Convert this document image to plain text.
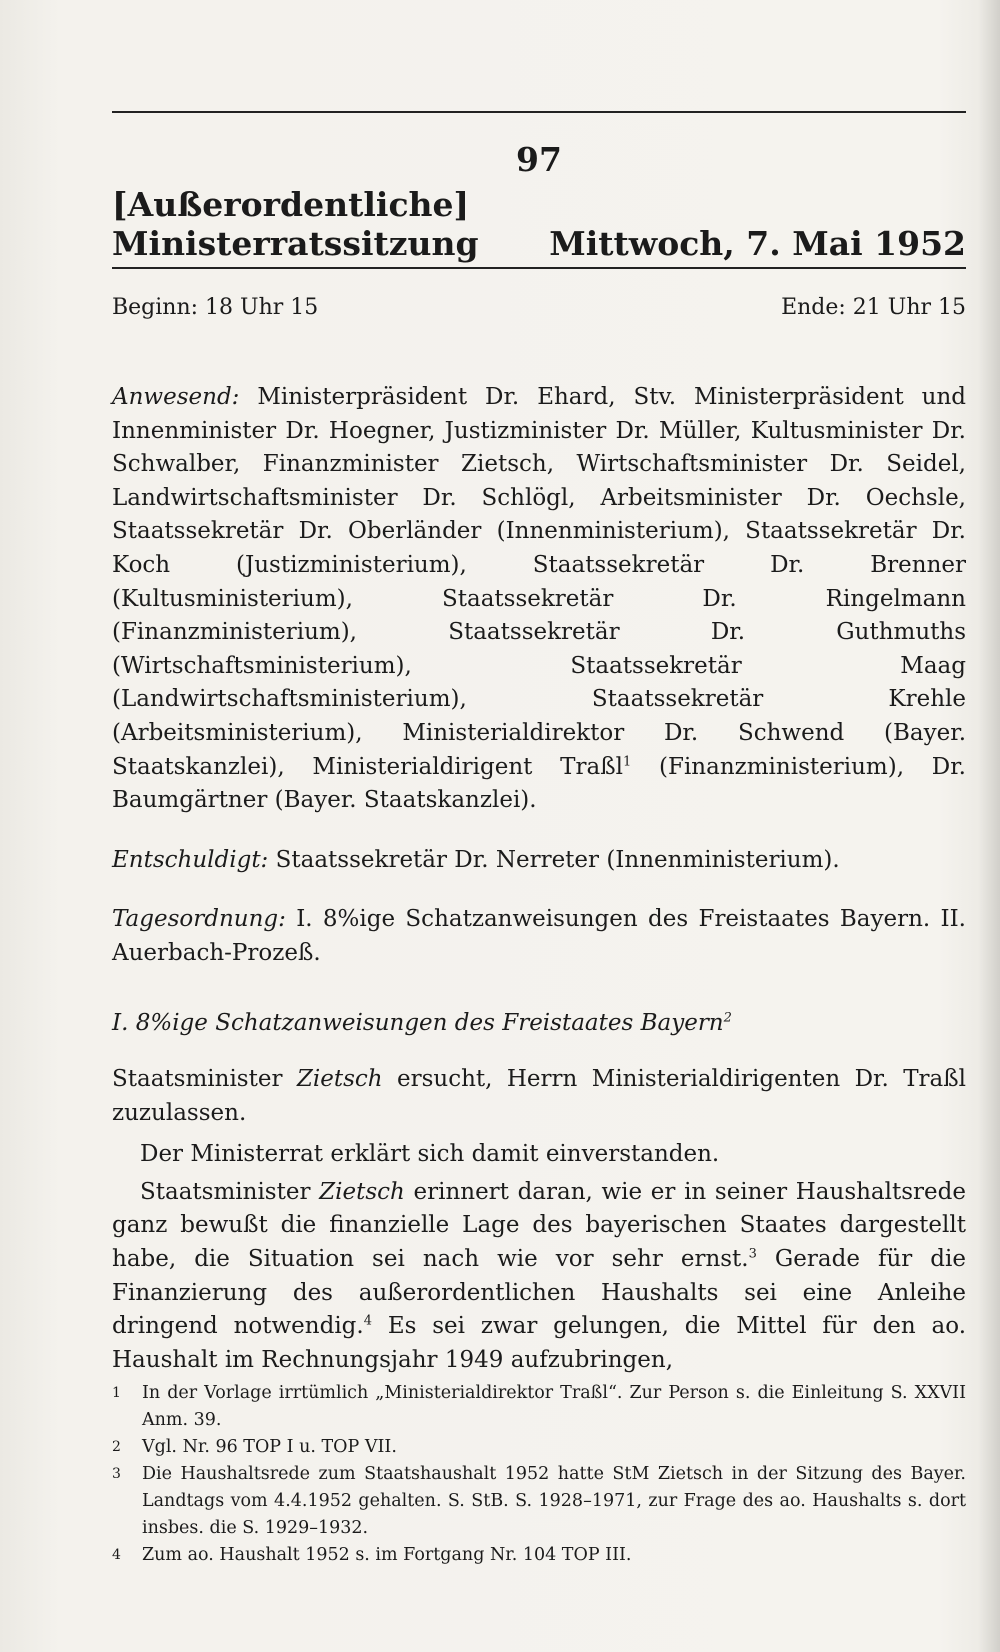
97

[Außerordentliche]

Ministerratssitzung Mittwoch, 7. Mai 1952
Beginn: 18 Uhr 15	Ende: 21 Uhr 15

Anwesend: Ministerpräsident Dr. Ehard, Stv. Ministerpräsident und Innenminister Dr. Hoegner, Justizminister Dr. Müller, Kultusminister Dr. Schwalber, Finanzminister Zietsch, Wirtschaftsminister Dr. Seidel, Landwirtschaftsminister Dr. Schlögl, Arbeitsminister Dr. Oechsle, Staatssekretär Dr. Oberländer (Innenministerium), Staatssekretär Dr. Koch (Justizministerium), Staatssekretär Dr. Brenner (Kultusministerium), Staatssekretär Dr. Ringelmann (Finanzministerium), Staatssekretär Dr. Guthmuths (Wirtschaftsministerium), Staatssekretär Maag (Landwirtschaftsministerium), Staatssekretär Krehle (Arbeitsministerium), Ministerialdirektor Dr. Schwend (Bayer. Staatskanzlei), Ministerialdirigent Traßl$^1$ (Finanzministerium), Dr. Baumgärtner (Bayer. Staatskanzlei).

Entschuldigt: Staatssekretär Dr. Nerreter (Innenministerium).

Tagesordnung: I. 8%ige Schatzanweisungen des Freistaates Bayern. II. Auerbach-Prozeß.

I. 8%ige Schatzanweisungen des Freistaates Bayern$^2$

Staatsminister Zietsch ersucht, Herrn Ministerialdirigenten Dr. Traßl zuzulassen.

Der Ministerrat erklärt sich damit einverstanden.

Staatsminister Zietsch erinnert daran, wie er in seiner Haushaltsrede ganz bewußt die finanzielle Lage des bayerischen Staates dargestellt habe, die Situation sei nach wie vor sehr ernst.$^3$ Gerade für die Finanzierung des außerordentlichen Haushalts sei eine Anleihe dringend notwendig.$^4$ Es sei zwar gelungen, die Mittel für den ao. Haushalt im Rechnungsjahr 1949 aufzubringen,

1	In der Vorlage irrtümlich „Ministerialdirektor Traßl“. Zur Person s. die Einleitung S. XXVII Anm. 39.
2	Vgl. Nr. 96 TOP I u. TOP VII.
3	Die Haushaltsrede zum Staatshaushalt 1952 hatte StM Zietsch in der Sitzung des Bayer. Landtags vom 4.4.1952 gehalten. S. StB. S. 1928–1971, zur Frage des ao. Haushalts s. dort insbes. die S. 1929–1932.
4	Zum ao. Haushalt 1952 s. im Fortgang Nr. 104 TOP III.
